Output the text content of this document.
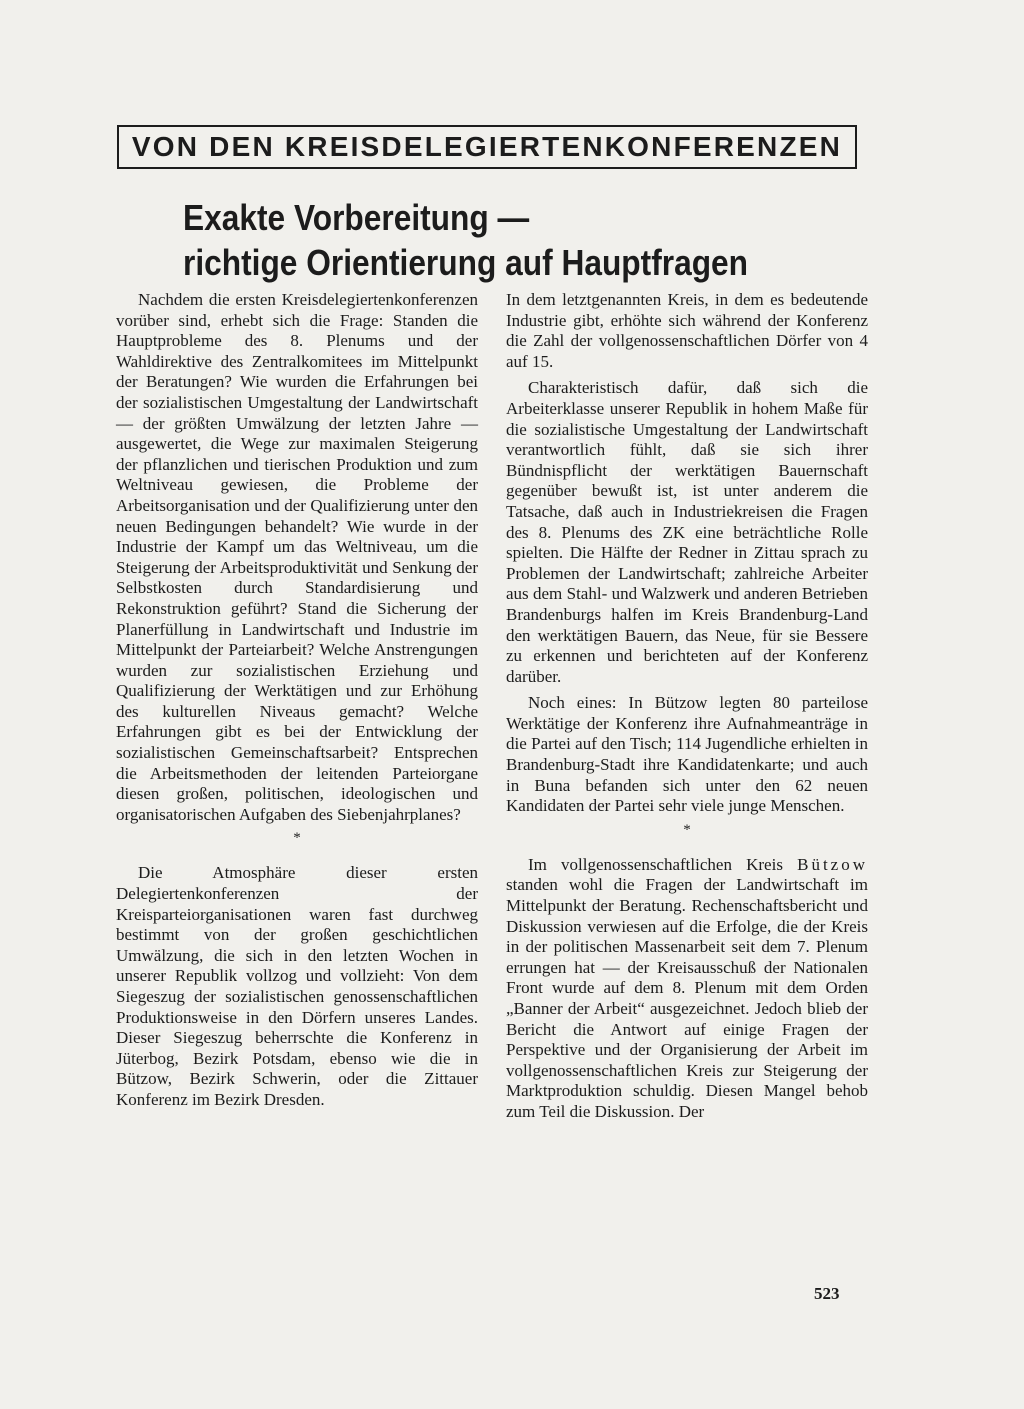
VON DEN KREISDELEGIERTENKONFERENZEN
Exakte Vorbereitung —
richtige Orientierung auf Hauptfragen

Nachdem die ersten Kreisdelegiertenkonferenzen vorüber sind, erhebt sich die Frage: Standen die Hauptprobleme des 8. Plenums und der Wahldirektive des Zentralkomitees im Mittelpunkt der Beratungen? Wie wurden die Erfahrungen bei der sozialistischen Umgestaltung der Landwirtschaft — der größten Umwälzung der letzten Jahre — ausgewertet, die Wege zur maximalen Steigerung der pflanzlichen und tierischen Produktion und zum Weltniveau gewiesen, die Probleme der Arbeitsorganisation und der Qualifizierung unter den neuen Bedingungen behandelt? Wie wurde in der Industrie der Kampf um das Weltniveau, um die Steigerung der Arbeitsproduktivität und Senkung der Selbstkosten durch Standardisierung und Rekonstruktion geführt? Stand die Sicherung der Planerfüllung in Landwirtschaft und Industrie im Mittelpunkt der Parteiarbeit? Welche Anstrengungen wurden zur sozialistischen Erziehung und Qualifizierung der Werktätigen und zur Erhöhung des kulturellen Niveaus gemacht? Welche Erfahrungen gibt es bei der Entwicklung der sozialistischen Gemeinschaftsarbeit? Entsprechen die Arbeitsmethoden der leitenden Parteiorgane diesen großen, politischen, ideologischen und organisatorischen Aufgaben des Siebenjahrplanes?

*

Die Atmosphäre dieser ersten Delegiertenkonferenzen der Kreisparteiorganisationen waren fast durchweg bestimmt von der großen geschichtlichen Umwälzung, die sich in den letzten Wochen in unserer Republik vollzog und vollzieht: Von dem Siegeszug der sozialistischen genossenschaftlichen Produktionsweise in den Dörfern unseres Landes. Dieser Siegeszug beherrschte die Konferenz in Jüterbog, Bezirk Potsdam, ebenso wie die in Bützow, Bezirk Schwerin, oder die Zittauer Konferenz im Bezirk Dresden.

In dem letztgenannten Kreis, in dem es bedeutende Industrie gibt, erhöhte sich während der Konferenz die Zahl der vollgenossenschaftlichen Dörfer von 4 auf 15.

Charakteristisch dafür, daß sich die Arbeiterklasse unserer Republik in hohem Maße für die sozialistische Umgestaltung der Landwirtschaft verantwortlich fühlt, daß sie sich ihrer Bündnispflicht der werktätigen Bauernschaft gegenüber bewußt ist, ist unter anderem die Tatsache, daß auch in Industriekreisen die Fragen des 8. Plenums des ZK eine beträchtliche Rolle spielten. Die Hälfte der Redner in Zittau sprach zu Problemen der Landwirtschaft; zahlreiche Arbeiter aus dem Stahl- und Walzwerk und anderen Betrieben Brandenburgs halfen im Kreis Brandenburg-Land den werktätigen Bauern, das Neue, für sie Bessere zu erkennen und berichteten auf der Konferenz darüber.

Noch eines: In Bützow legten 80 parteilose Werktätige der Konferenz ihre Aufnahmeanträge in die Partei auf den Tisch; 114 Jugendliche erhielten in Brandenburg-Stadt ihre Kandidatenkarte; und auch in Buna befanden sich unter den 62 neuen Kandidaten der Partei sehr viele junge Menschen.

*

Im vollgenossenschaftlichen Kreis Bützow standen wohl die Fragen der Landwirtschaft im Mittelpunkt der Beratung. Rechenschaftsbericht und Diskussion verwiesen auf die Erfolge, die der Kreis in der politischen Massenarbeit seit dem 7. Plenum errungen hat — der Kreisausschuß der Nationalen Front wurde auf dem 8. Plenum mit dem Orden „Banner der Arbeit“ ausgezeichnet. Jedoch blieb der Bericht die Antwort auf einige Fragen der Perspektive und der Organisierung der Arbeit im vollgenossenschaftlichen Kreis zur Steigerung der Marktproduktion schuldig. Diesen Mangel behob zum Teil die Diskussion. Der

523
